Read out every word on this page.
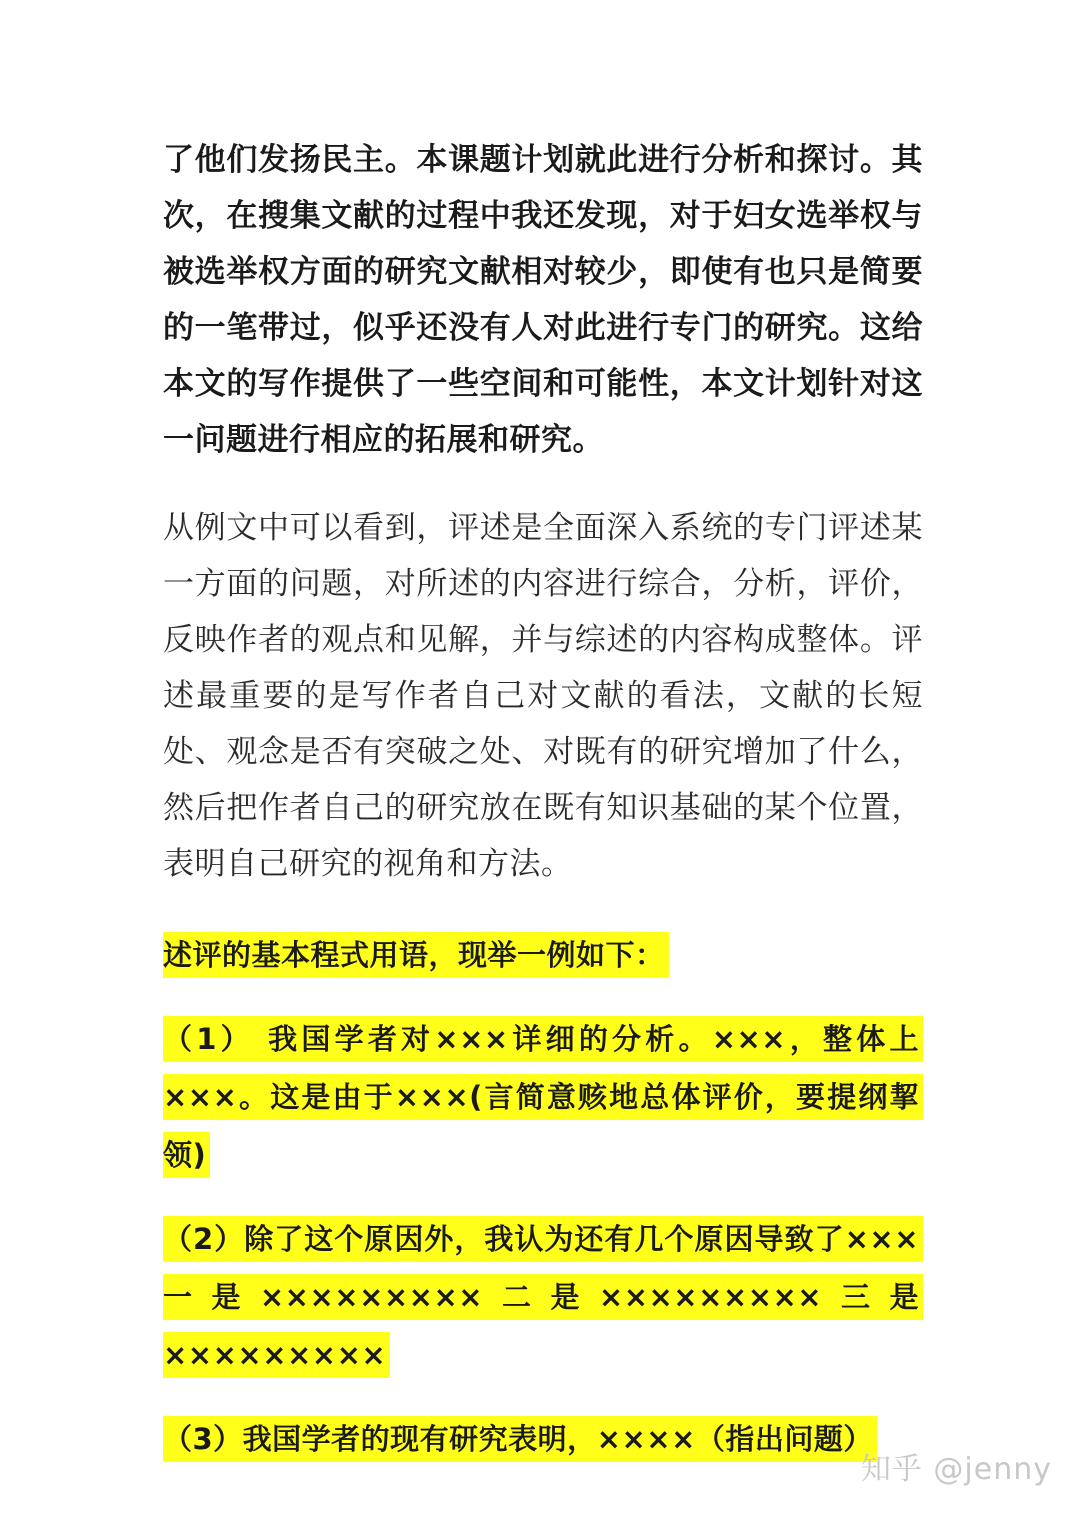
了他们发扬民主。本课题计划就此进行分析和探讨。其次，在搜集文献的过程中我还发现，对于妇女选举权与被选举权方面的研究文献相对较少，即使有也只是简要的一笔带过，似乎还没有人对此进行专门的研究。这给本文的写作提供了一些空间和可能性，本文计划针对这一问题进行相应的拓展和研究。

从例文中可以看到，评述是全面深入系统的专门评述某一方面的问题，对所述的内容进行综合，分析，评价，反映作者的观点和见解，并与综述的内容构成整体。评述最重要的是写作者自己对文献的看法，文献的长短处、观念是否有突破之处、对既有的研究增加了什么，然后把作者自己的研究放在既有知识基础的某个位置，表明自己研究的视角和方法。

述评的基本程式用语，现举一例如下：

（1） 我国学者对×××详细的分析。×××，整体上×××。这是由于×××(言简意赅地总体评价，要提纲挈领)

（2）除了这个原因外，我认为还有几个原因导致了×××一是×××××××××二是×××××××××三是×××××××××

（3）我国学者的现有研究表明，××××（指出问题）

知乎 @jenny
